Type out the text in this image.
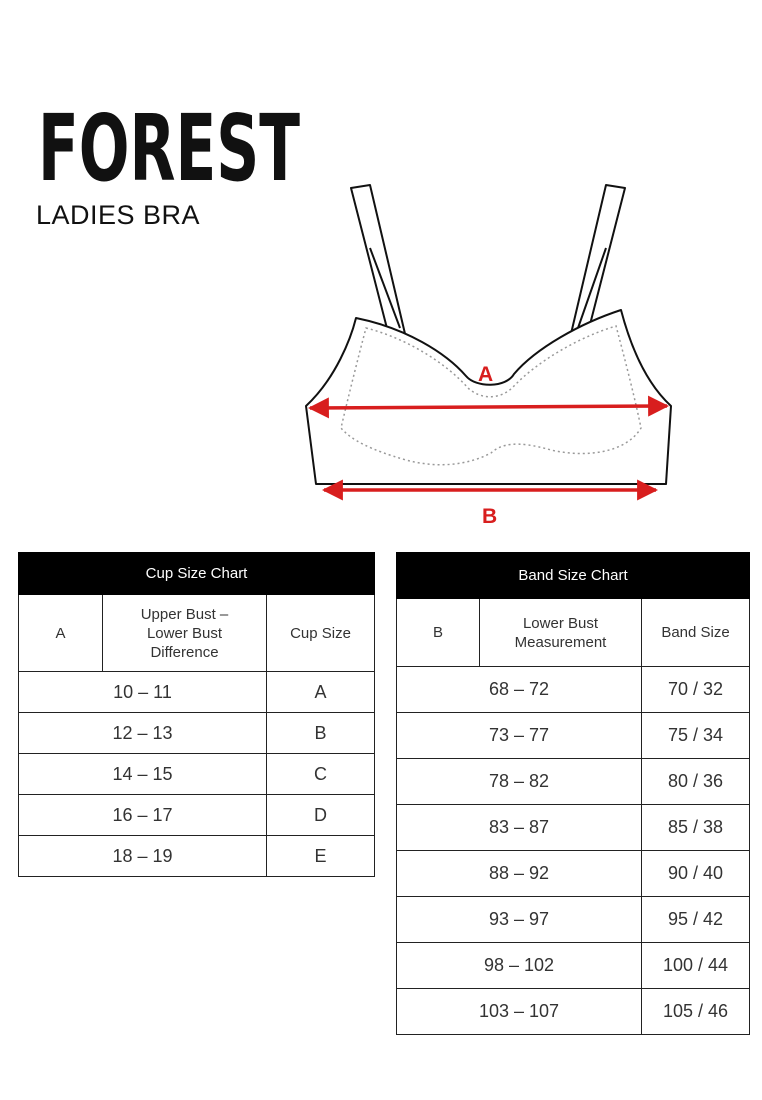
FOREST
LADIES BRA
A
B
Cup Size Chart		
A	Upper Bust –
Lower Bust
Difference	Cup Size
10 – 11		A
12 – 13		B
14 – 15		C
16 – 17		D
18 – 19		E
Band Size Chart		
B	Lower Bust
Measurement	Band Size
68 – 72		70 / 32
73 – 77		75 / 34
78 – 82		80 / 36
83 – 87		85 / 38
88 – 92		90 / 40
93 – 97		95 / 42
98 – 102		100 / 44
103 – 107		105 / 46
